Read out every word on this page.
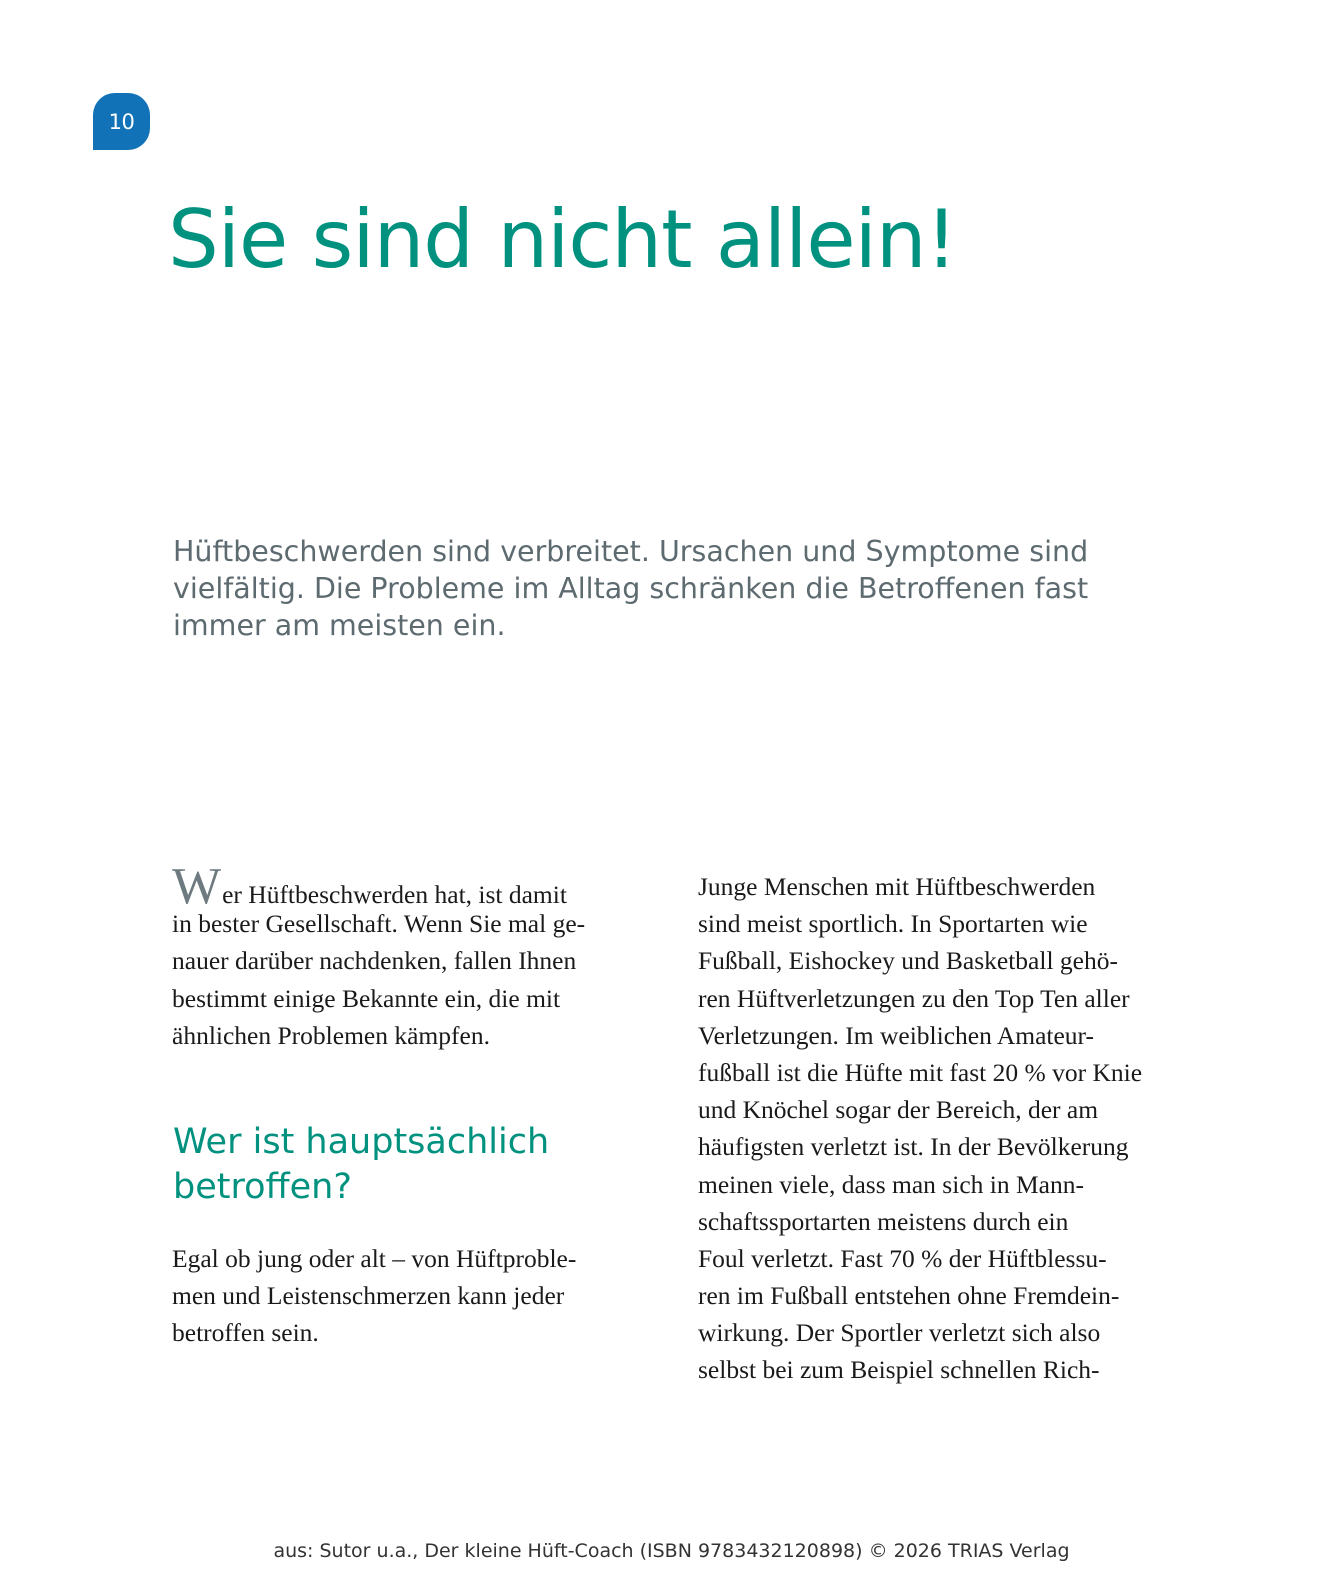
10
Sie sind nicht allein!

Hüftbeschwerden sind verbreitet. Ursachen und Symptome sind
vielfältig. Die Probleme im Alltag schränken die Betroffenen fast
immer am meisten ein.

Wer Hüftbeschwerden hat, ist damit
in bester Gesellschaft. Wenn Sie mal ge-
nauer darüber nachdenken, fallen Ihnen
bestimmt einige Bekannte ein, die mit
ähnlichen Problemen kämpfen.
Wer ist hauptsächlich
betroffen?
Egal ob jung oder alt – von Hüftproble-
men und Leistenschmerzen kann jeder
betroffen sein.
Junge Menschen mit Hüftbeschwerden
sind meist sportlich. In Sportarten wie
Fußball, Eishockey und Basketball gehö-
ren Hüftverletzungen zu den Top Ten aller
Verletzungen. Im weiblichen Amateur-
fußball ist die Hüfte mit fast 20 % vor Knie
und Knöchel sogar der Bereich, der am
häufigsten verletzt ist. In der Bevölkerung
meinen viele, dass man sich in Mann-
schaftssportarten meistens durch ein
Foul verletzt. Fast 70 % der Hüftblessu-
ren im Fußball entstehen ohne Fremdein-
wirkung. Der Sportler verletzt sich also
selbst bei zum Beispiel schnellen Rich-
aus: Sutor u.a., Der kleine Hüft-Coach (ISBN 9783432120898) © 2026 TRIAS Verlag
